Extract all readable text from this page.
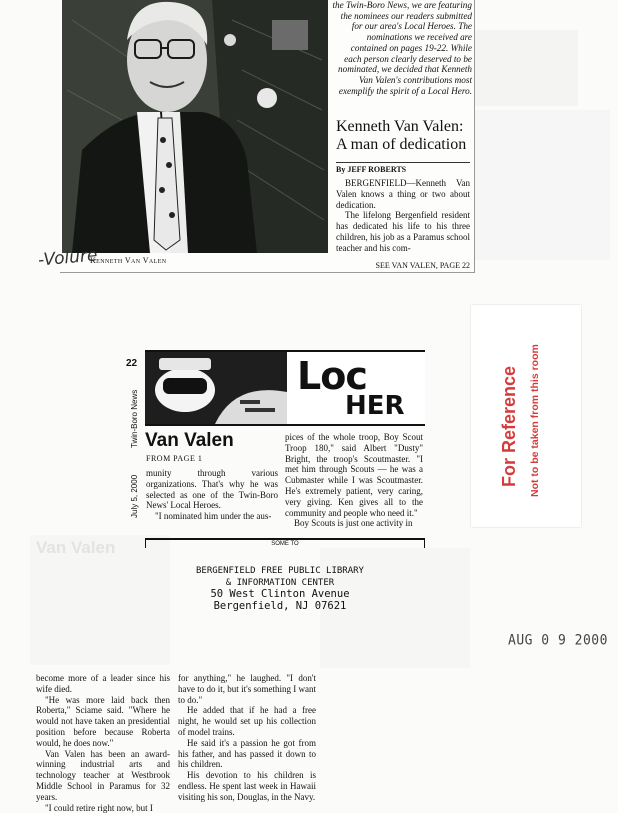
Van Valen
the Twin-Boro News, we are featuring the nominees our readers submitted for our area's Local Heroes. The nominations we received are contained on pages 19-22. While each person clearly deserved to be nominated, we decided that Kenneth Van Valen's contributions most exemplify the spirit of a Local Hero.
Kenneth Van Valen:
A man of dedication
By JEFF ROBERTS

BERGENFIELD—Kenneth Van Valen knows a thing or two about dedication.

The lifelong Bergenfield resident has dedicated his life to his three children, his job as a Paramus school teacher and his com-

SEE VAN VALEN, PAGE 22
Kenneth Van Valen
-Volure
For Reference Not to be taken from this room
22
Twin-Boro News
July 5, 2000
Loc
HER
Van Valen
FROM PAGE 1

munity through various organizations. That's why he was selected as one of the Twin-Boro News' Local Heroes.

"I nominated him under the aus-

pices of the whole troop, Boy Scout Troop 180," said Albert "Dusty" Bright, the troop's Scoutmaster. "I met him through Scouts — he was a Cubmaster while I was Scoutmaster. He's extremely patient, very caring, very giving. Ken gives all to the community and people who need it."

Boy Scouts is just one activity in

SOME TO
BERGENFIELD FREE PUBLIC LIBRARY
& INFORMATION CENTER
50 West Clinton Avenue
Bergenfield, NJ 07621
AUG 0 9 2000

become more of a leader since his wife died.

"He was more laid back then Roberta," Sciame said. "Where he would not have taken an presidential position before because Roberta would, he does now."

Van Valen has been an award-winning industrial arts and technology teacher at Westbrook Middle School in Paramus for 32 years.

"I could retire right now, but I

for anything," he laughed. "I don't have to do it, but it's something I want to do."

He added that if he had a free night, he would set up his collection of model trains.

He said it's a passion he got from his father, and has passed it down to his children.

His devotion to his children is endless. He spent last week in Hawaii visiting his son, Douglas, in the Navy.
